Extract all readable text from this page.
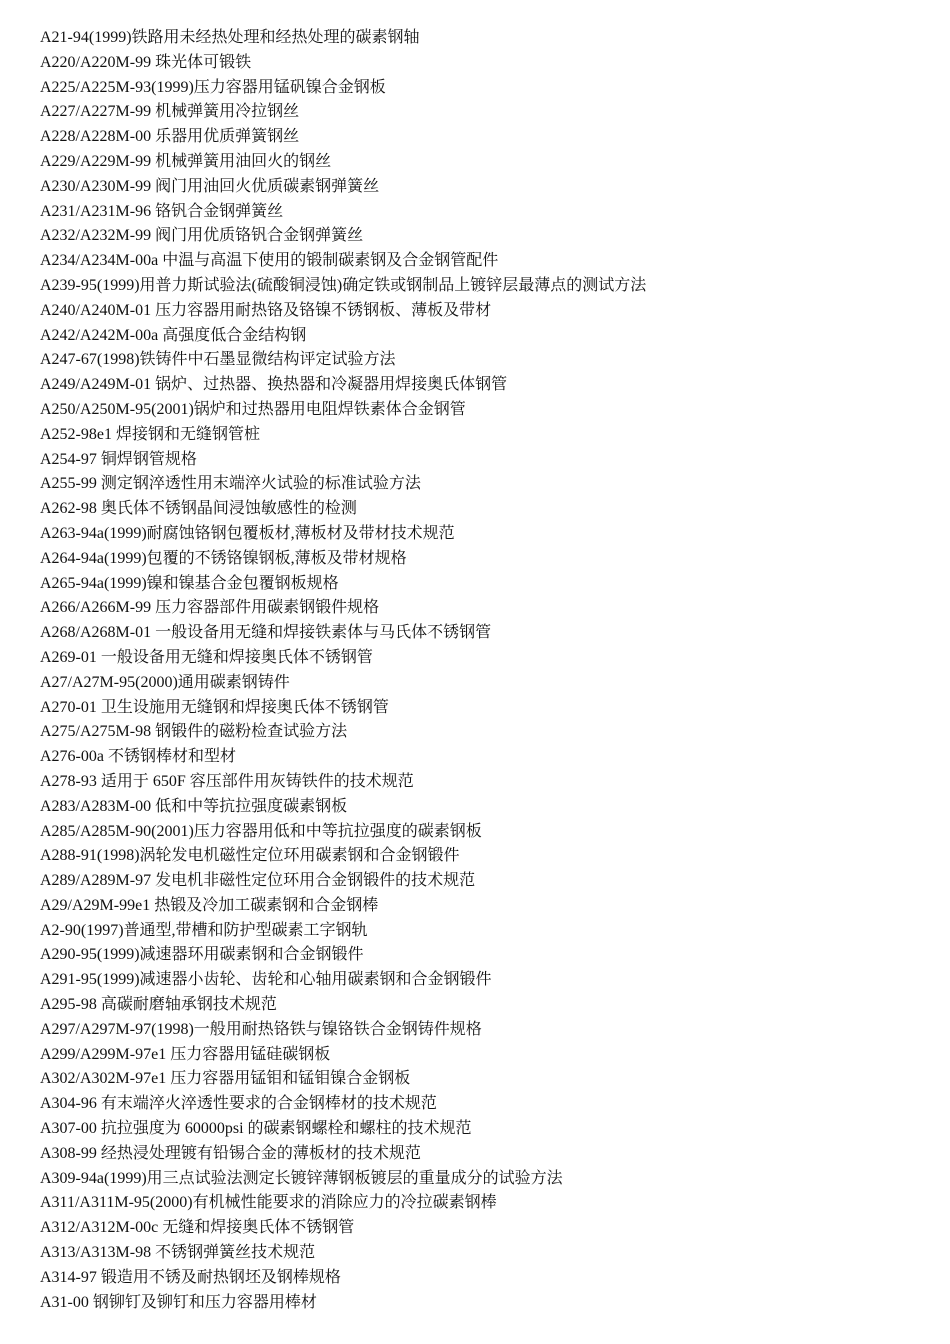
A21-94(1999)铁路用未经热处理和经热处理的碳素钢轴
A220/A220M-99 珠光体可锻铁
A225/A225M-93(1999)压力容器用锰矾镍合金钢板
A227/A227M-99 机械弹簧用冷拉钢丝
A228/A228M-00 乐器用优质弹簧钢丝
A229/A229M-99 机械弹簧用油回火的钢丝
A230/A230M-99 阀门用油回火优质碳素钢弹簧丝
A231/A231M-96 铬钒合金钢弹簧丝
A232/A232M-99 阀门用优质铬钒合金钢弹簧丝
A234/A234M-00a 中温与高温下使用的锻制碳素钢及合金钢管配件
A239-95(1999)用普力斯试验法(硫酸铜浸蚀)确定铁或钢制品上镀锌层最薄点的测试方法
A240/A240M-01 压力容器用耐热铬及铬镍不锈钢板、薄板及带材
A242/A242M-00a 高强度低合金结构钢
A247-67(1998)铁铸件中石墨显微结构评定试验方法
A249/A249M-01 锅炉、过热器、换热器和冷凝器用焊接奥氏体钢管
A250/A250M-95(2001)锅炉和过热器用电阻焊铁素体合金钢管
A252-98e1 焊接钢和无缝钢管桩
A254-97 铜焊钢管规格
A255-99 测定钢淬透性用末端淬火试验的标准试验方法
A262-98 奥氏体不锈钢晶间浸蚀敏感性的检测
A263-94a(1999)耐腐蚀铬钢包覆板材,薄板材及带材技术规范
A264-94a(1999)包覆的不锈铬镍钢板,薄板及带材规格
A265-94a(1999)镍和镍基合金包覆钢板规格
A266/A266M-99 压力容器部件用碳素钢锻件规格
A268/A268M-01 一般设备用无缝和焊接铁素体与马氏体不锈钢管
A269-01 一般设备用无缝和焊接奥氏体不锈钢管
A27/A27M-95(2000)通用碳素钢铸件
A270-01 卫生设施用无缝钢和焊接奥氏体不锈钢管
A275/A275M-98 钢锻件的磁粉检查试验方法
A276-00a 不锈钢棒材和型材
A278-93 适用于 650F 容压部件用灰铸铁件的技术规范
A283/A283M-00 低和中等抗拉强度碳素钢板
A285/A285M-90(2001)压力容器用低和中等抗拉强度的碳素钢板
A288-91(1998)涡轮发电机磁性定位环用碳素钢和合金钢锻件
A289/A289M-97 发电机非磁性定位环用合金钢锻件的技术规范
A29/A29M-99e1 热锻及冷加工碳素钢和合金钢棒
A2-90(1997)普通型,带槽和防护型碳素工字钢轨
A290-95(1999)减速器环用碳素钢和合金钢锻件
A291-95(1999)减速器小齿轮、齿轮和心轴用碳素钢和合金钢锻件
A295-98 高碳耐磨轴承钢技术规范
A297/A297M-97(1998)一般用耐热铬铁与镍铬铁合金钢铸件规格
A299/A299M-97e1 压力容器用锰硅碳钢板
A302/A302M-97e1 压力容器用锰钼和锰钼镍合金钢板
A304-96 有末端淬火淬透性要求的合金钢棒材的技术规范
A307-00 抗拉强度为 60000psi 的碳素钢螺栓和螺柱的技术规范
A308-99 经热浸处理镀有铅锡合金的薄板材的技术规范
A309-94a(1999)用三点试验法测定长镀锌薄钢板镀层的重量成分的试验方法
A311/A311M-95(2000)有机械性能要求的消除应力的冷拉碳素钢棒
A312/A312M-00c 无缝和焊接奥氏体不锈钢管
A313/A313M-98 不锈钢弹簧丝技术规范
A314-97 锻造用不锈及耐热钢坯及钢棒规格
A31-00 钢铆钉及铆钉和压力容器用棒材
